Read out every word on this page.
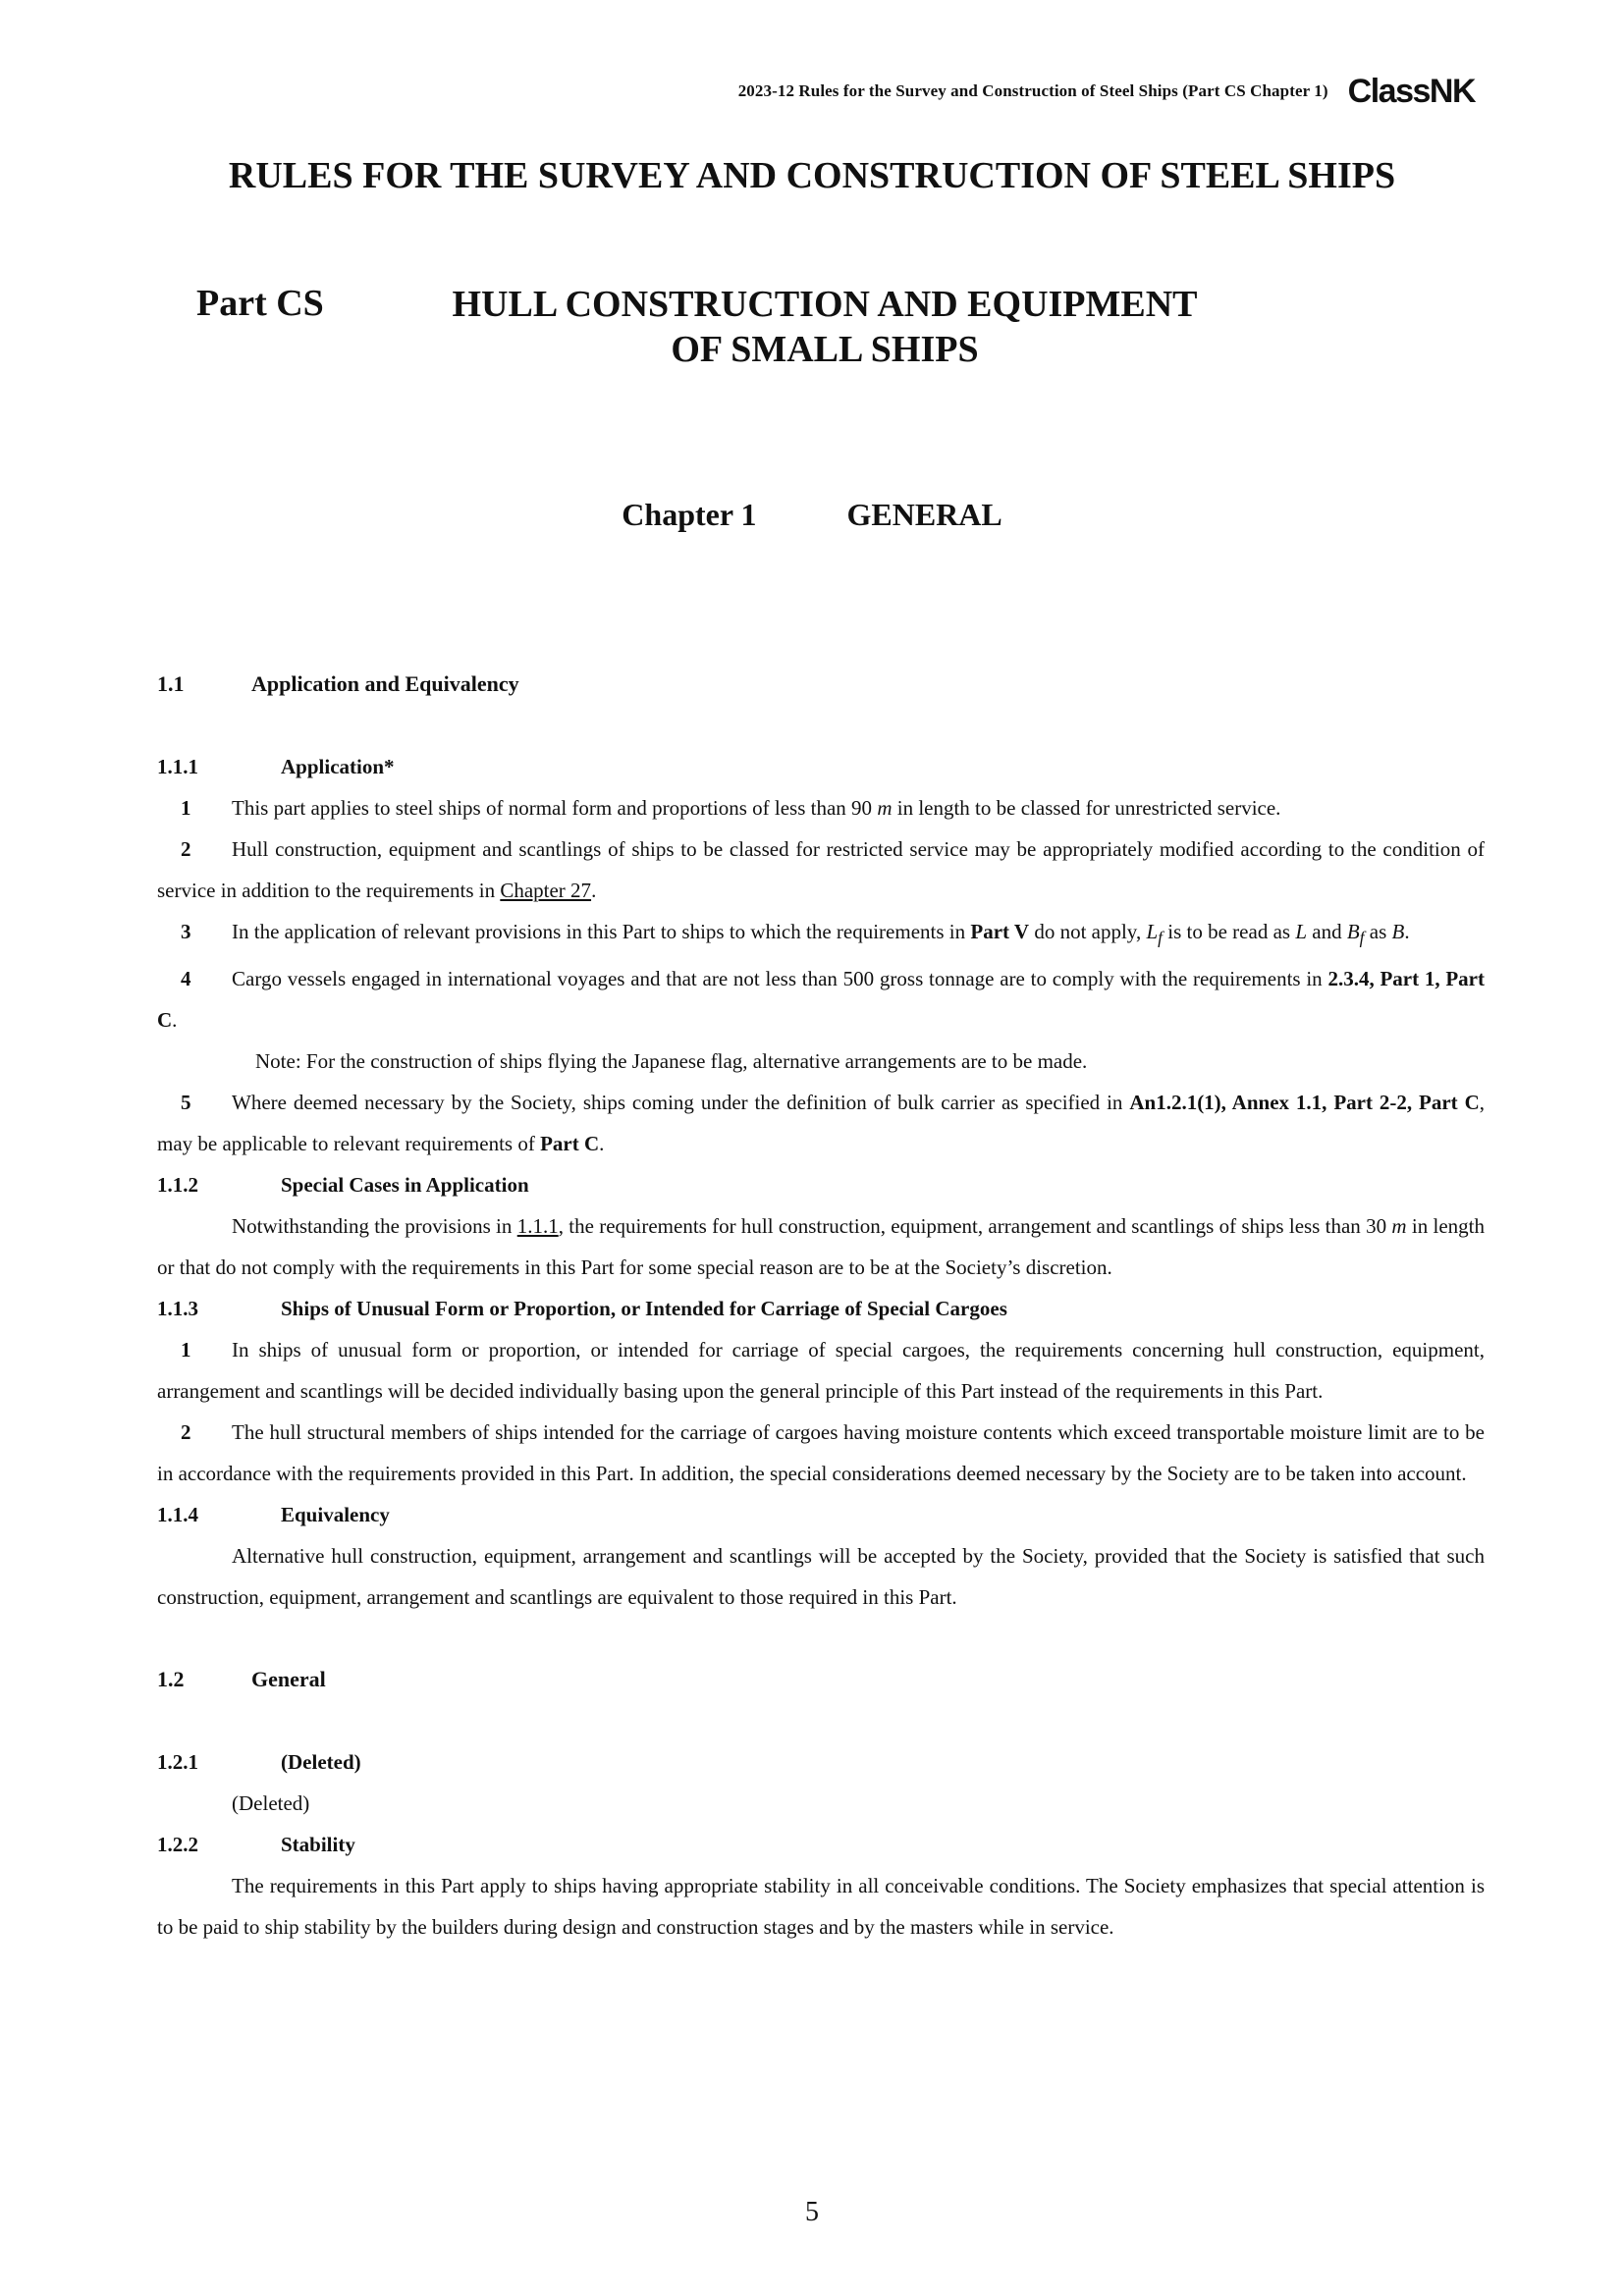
2023-12 Rules for the Survey and Construction of Steel Ships (Part CS Chapter 1) ClassNK
RULES FOR THE SURVEY AND CONSTRUCTION OF STEEL SHIPS
Part CS	HULL CONSTRUCTION AND EQUIPMENT OF SMALL SHIPS
Chapter 1	GENERAL

1.1	Application and Equivalency

1.1.1	Application*

1 This part applies to steel ships of normal form and proportions of less than 90 m in length to be classed for unrestricted service.

2 Hull construction, equipment and scantlings of ships to be classed for restricted service may be appropriately modified according to the condition of service in addition to the requirements in Chapter 27.

3 In the application of relevant provisions in this Part to ships to which the requirements in Part V do not apply, $L_f$ is to be read as L and $B_f$ as B.

4 Cargo vessels engaged in international voyages and that are not less than 500 gross tonnage are to comply with the requirements in 2.3.4, Part 1, Part C.

Note: For the construction of ships flying the Japanese flag, alternative arrangements are to be made.

5 Where deemed necessary by the Society, ships coming under the definition of bulk carrier as specified in An1.2.1(1), Annex 1.1, Part 2-2, Part C, may be applicable to relevant requirements of Part C.

1.1.2	Special Cases in Application

Notwithstanding the provisions in 1.1.1, the requirements for hull construction, equipment, arrangement and scantlings of ships less than 30 m in length or that do not comply with the requirements in this Part for some special reason are to be at the Society’s discretion.

1.1.3	Ships of Unusual Form or Proportion, or Intended for Carriage of Special Cargoes

1 In ships of unusual form or proportion, or intended for carriage of special cargoes, the requirements concerning hull construction, equipment, arrangement and scantlings will be decided individually basing upon the general principle of this Part instead of the requirements in this Part.

2 The hull structural members of ships intended for the carriage of cargoes having moisture contents which exceed transportable moisture limit are to be in accordance with the requirements provided in this Part. In addition, the special considerations deemed necessary by the Society are to be taken into account.

1.1.4	Equivalency

Alternative hull construction, equipment, arrangement and scantlings will be accepted by the Society, provided that the Society is satisfied that such construction, equipment, arrangement and scantlings are equivalent to those required in this Part.

1.2	General

1.2.1	(Deleted)

(Deleted)

1.2.2	Stability

The requirements in this Part apply to ships having appropriate stability in all conceivable conditions. The Society emphasizes that special attention is to be paid to ship stability by the builders during design and construction stages and by the masters while in service.

5
